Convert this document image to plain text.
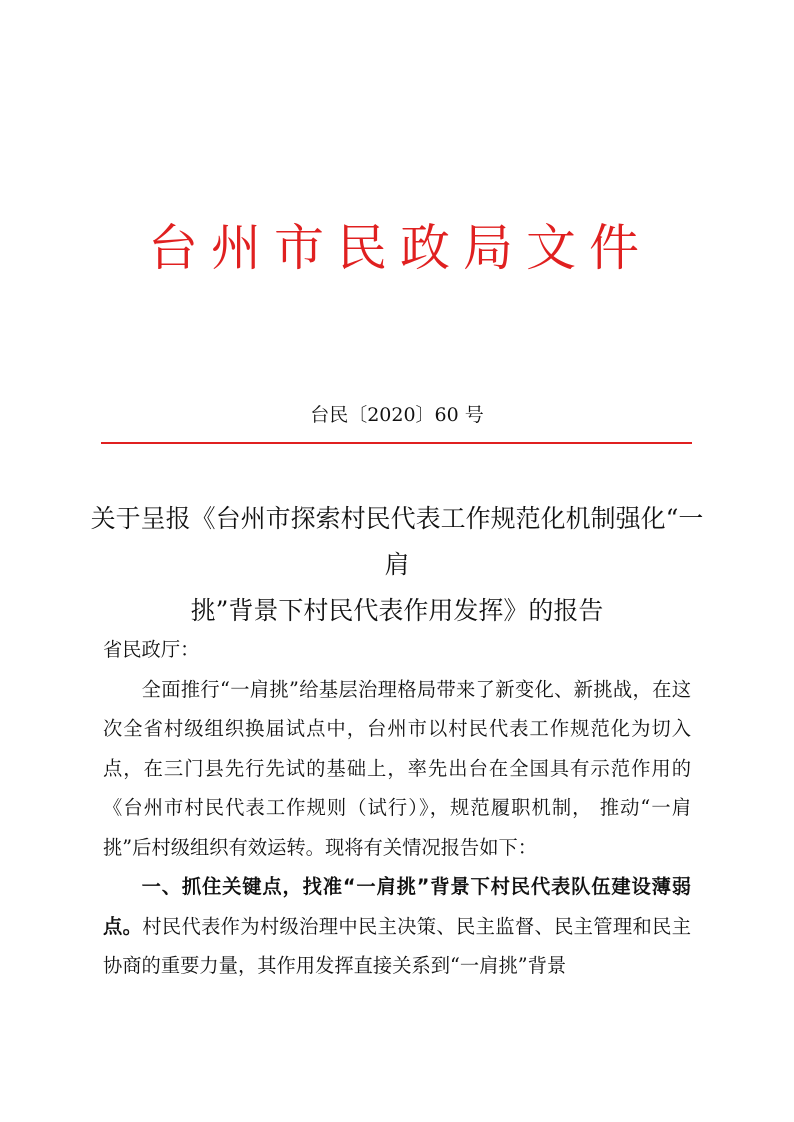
台州市民政局文件
台民〔2020〕60 号
关于呈报《台州市探索村民代表工作规范化机制强化“一肩
挑”背景下村民代表作用发挥》的报告

省民政厅：

全面推行“一肩挑”给基层治理格局带来了新变化、新挑战，在这次全省村级组织换届试点中，台州市以村民代表工作规范化为切入点，在三门县先行先试的基础上，率先出台在全国具有示范作用的《台州市村民代表工作规则（试行）》，规范履职机制， 推动“一肩挑”后村级组织有效运转。现将有关情况报告如下：

一、抓住关键点，找准“一肩挑”背景下村民代表队伍建设薄弱点。村民代表作为村级治理中民主决策、民主监督、民主管理和民主协商的重要力量，其作用发挥直接关系到“一肩挑”背景
